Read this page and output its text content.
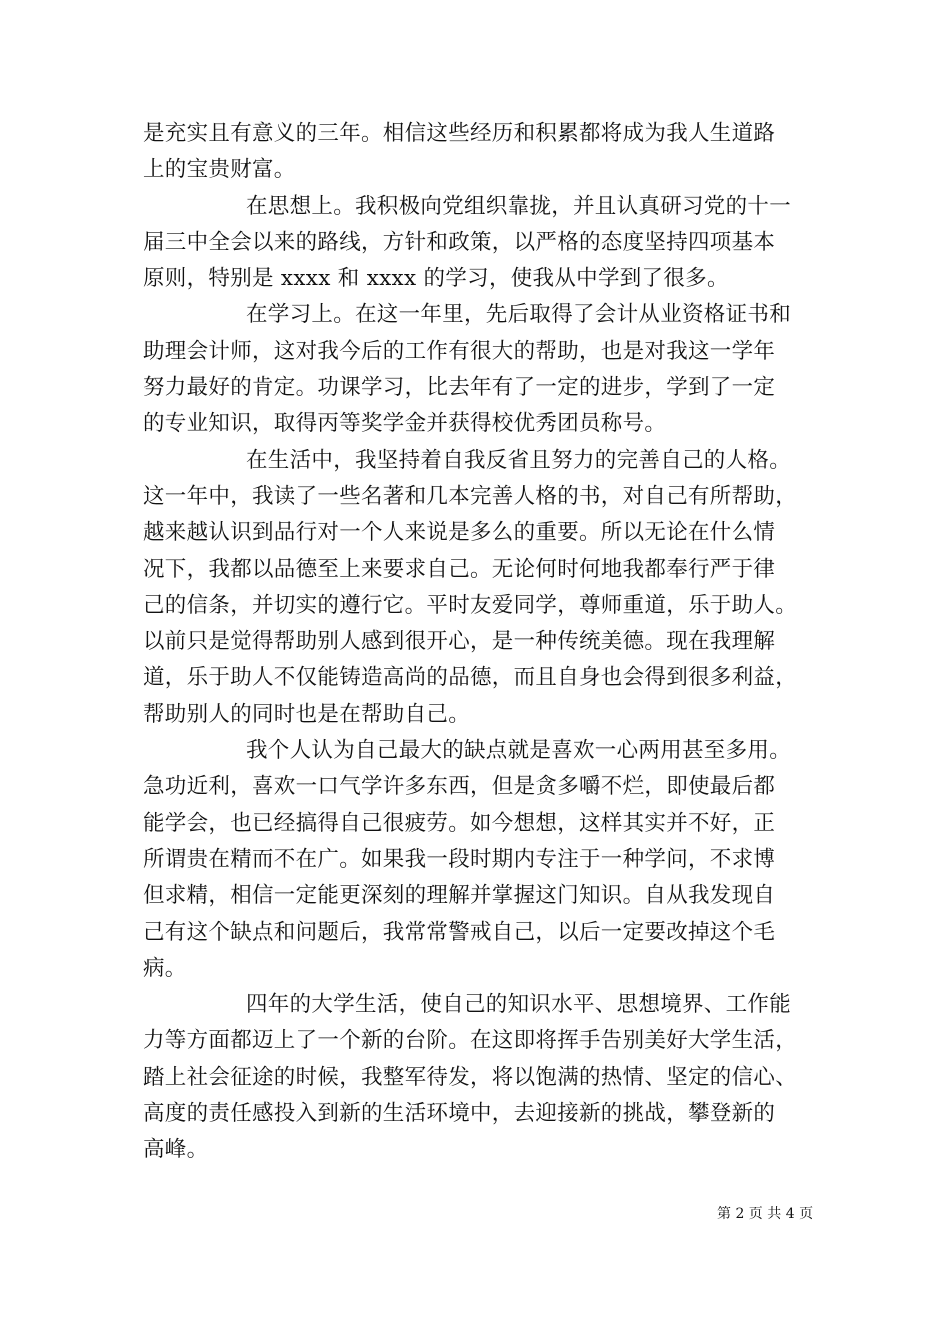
是充实且有意义的三年。相信这些经历和积累都将成为我人生道路
上的宝贵财富。
在思想上。我积极向党组织靠拢，并且认真研习党的十一
届三中全会以来的路线，方针和政策，以严格的态度坚持四项基本
原则，特别是 xxxx 和 xxxx 的学习，使我从中学到了很多。
在学习上。在这一年里，先后取得了会计从业资格证书和
助理会计师，这对我今后的工作有很大的帮助，也是对我这一学年
努力最好的肯定。功课学习，比去年有了一定的进步，学到了一定
的专业知识，取得丙等奖学金并获得校优秀团员称号。
在生活中，我坚持着自我反省且努力的完善自己的人格。
这一年中，我读了一些名著和几本完善人格的书，对自己有所帮助，
越来越认识到品行对一个人来说是多么的重要。所以无论在什么情
况下，我都以品德至上来要求自己。无论何时何地我都奉行严于律
己的信条，并切实的遵行它。平时友爱同学，尊师重道，乐于助人。
以前只是觉得帮助别人感到很开心，是一种传统美德。现在我理解
道，乐于助人不仅能铸造高尚的品德，而且自身也会得到很多利益，
帮助别人的同时也是在帮助自己。
我个人认为自己最大的缺点就是喜欢一心两用甚至多用。
急功近利，喜欢一口气学许多东西，但是贪多嚼不烂，即使最后都
能学会，也已经搞得自己很疲劳。如今想想，这样其实并不好，正
所谓贵在精而不在广。如果我一段时期内专注于一种学问，不求博
但求精，相信一定能更深刻的理解并掌握这门知识。自从我发现自
己有这个缺点和问题后，我常常警戒自己，以后一定要改掉这个毛
病。
四年的大学生活，使自己的知识水平、思想境界、工作能
力等方面都迈上了一个新的台阶。在这即将挥手告别美好大学生活，
踏上社会征途的时候，我整军待发，将以饱满的热情、坚定的信心、
高度的责任感投入到新的生活环境中，去迎接新的挑战，攀登新的
高峰。
第 2 页 共 4 页
